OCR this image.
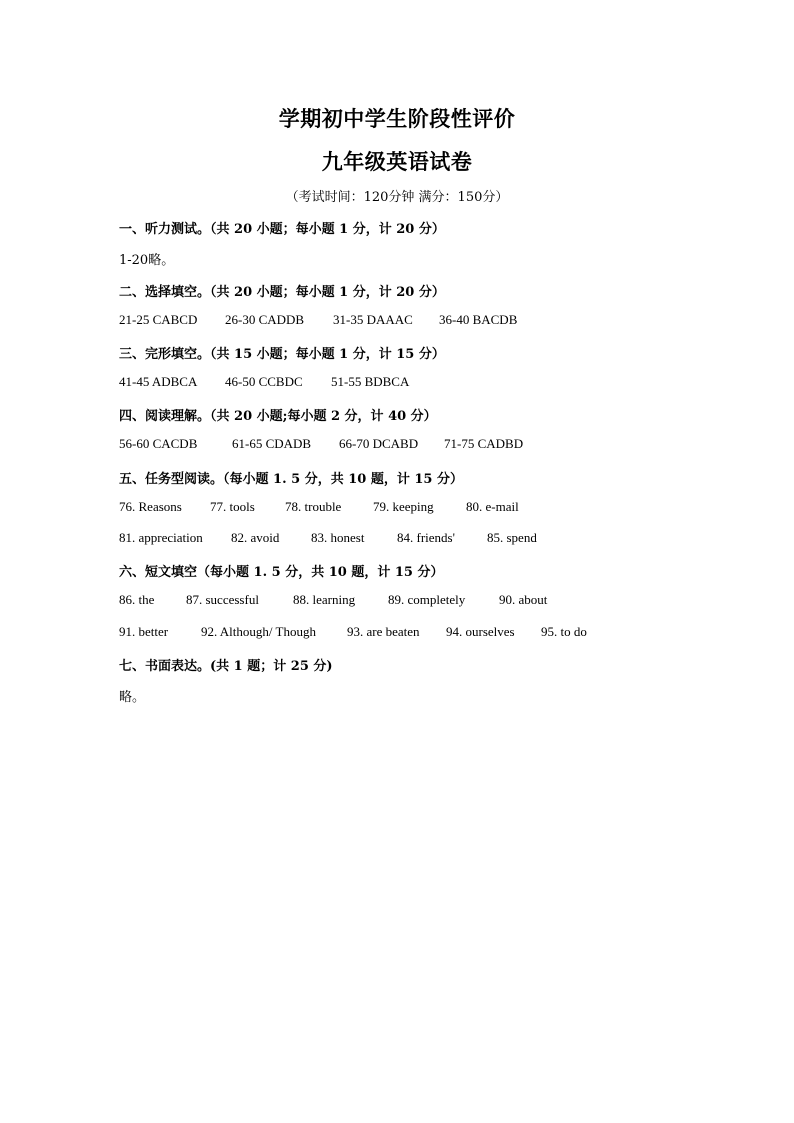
学期初中学生阶段性评价
九年级英语试卷
（考试时间：120分钟 满分：150分）
一、听力测试。（共 20 小题；每小题 1 分，计 20 分）
1-20略。
二、选择填空。（共 20 小题；每小题 1 分，计 20 分）
21-25 CABCD 26-30 CADDB 31-35 DAAAC 36-40 BACDB
三、完形填空。（共 15 小题；每小题 1 分，计 15 分）
41-45 ADBCA 46-50 CCBDC 51-55 BDBCA
四、阅读理解。（共 20 小题;每小题 2 分，计 40 分）
56-60 CACDB	61-65 CDADB 66-70 DCABD 71-75 CADBD
五、任务型阅读。（每小题 1. 5 分，共 10 题，计 15 分）
76. Reasons 77. tools 78. trouble 79. keeping 80. e-mail
81. appreciation 82. avoid 83. honest	84. friends' 85. spend
六、短文填空（每小题 1. 5 分，共 10 题，计 15 分）
86. the 87. successful	88. learning	89. completely	90. about
91. better	92. Although/ Though 93. are beaten 94. ourselves 95. to do
七、书面表达。(共 1 题；计 25 分)
略。
